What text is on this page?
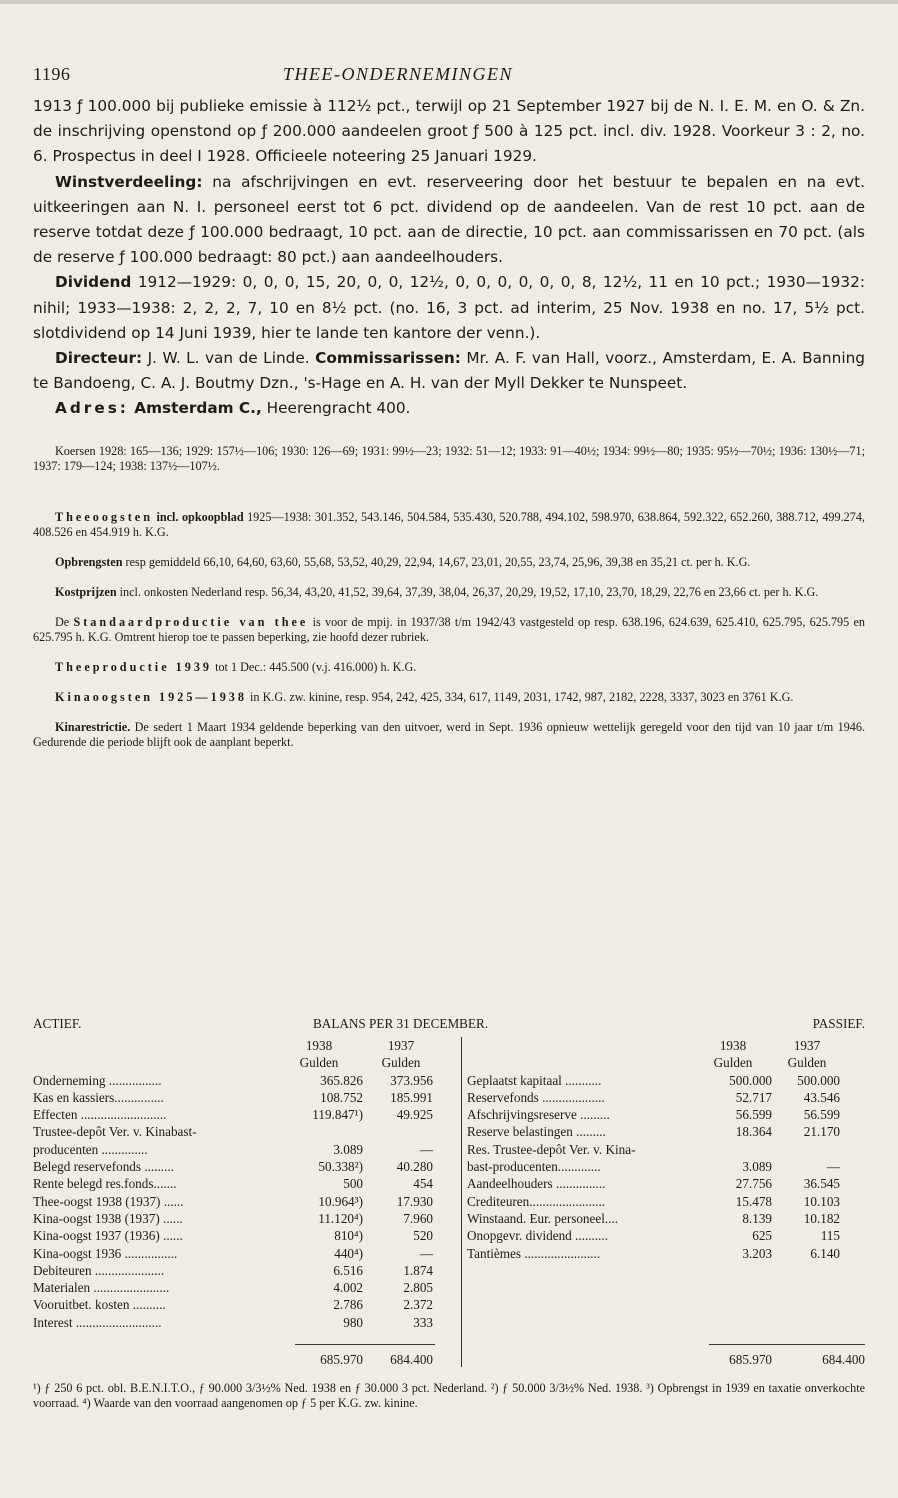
1196	THEE-ONDERNEMINGEN

1913 ƒ 100.000 bij publieke emissie à 112½ pct., terwijl op 21 September 1927 bij de N. I. E. M. en O. & Zn. de inschrijving openstond op ƒ 200.000 aandeelen groot ƒ 500 à 125 pct. incl. div. 1928. Voorkeur 3 : 2, no. 6. Prospectus in deel I 1928. Officieele noteering 25 Januari 1929.

Winstverdeeling: na afschrijvingen en evt. reserveering door het bestuur te bepalen en na evt. uitkeeringen aan N. I. personeel eerst tot 6 pct. dividend op de aandeelen. Van de rest 10 pct. aan de reserve totdat deze ƒ 100.000 bedraagt, 10 pct. aan de directie, 10 pct. aan commissarissen en 70 pct. (als de reserve ƒ 100.000 bedraagt: 80 pct.) aan aandeelhouders.

Dividend 1912—1929: 0, 0, 0, 15, 20, 0, 0, 12½, 0, 0, 0, 0, 0, 0, 8, 12½, 11 en 10 pct.; 1930—1932: nihil; 1933—1938: 2, 2, 2, 7, 10 en 8½ pct. (no. 16, 3 pct. ad interim, 25 Nov. 1938 en no. 17, 5½ pct. slotdividend op 14 Juni 1939, hier te lande ten kantore der venn.).

Directeur: J. W. L. van de Linde. Commissarissen: Mr. A. F. van Hall, voorz., Amsterdam, E. A. Banning te Bandoeng, C. A. J. Boutmy Dzn., 's-Hage en A. H. van der Myll Dekker te Nunspeet.

Adres: Amsterdam C., Heerengracht 400.

Koersen 1928: 165—136; 1929: 157½—106; 1930: 126—69; 1931: 99½—23; 1932: 51—12; 1933: 91—40½; 1934: 99½—80; 1935: 95½—70½; 1936: 130½—71; 1937: 179—124; 1938: 137½—107½.

Theeoogsten incl. opkoopblad 1925—1938: 301.352, 543.146, 504.584, 535.430, 520.788, 494.102, 598.970, 638.864, 592.322, 652.260, 388.712, 499.274, 408.526 en 454.919 h. K.G.

Opbrengsten resp gemiddeld 66,10, 64,60, 63,60, 55,68, 53,52, 40,29, 22,94, 14,67, 23,01, 20,55, 23,74, 25,96, 39,38 en 35,21 ct. per h. K.G.

Kostprijzen incl. onkosten Nederland resp. 56,34, 43,20, 41,52, 39,64, 37,39, 38,04, 26,37, 20,29, 19,52, 17,10, 23,70, 18,29, 22,76 en 23,66 ct. per h. K.G.

De Standaardproductie van thee is voor de mpij. in 1937/38 t/m 1942/43 vastgesteld op resp. 638.196, 624.639, 625.410, 625.795, 625.795 en 625.795 h. K.G. Omtrent hierop toe te passen beperking, zie hoofd dezer rubriek.

Theeproductie 1939 tot 1 Dec.: 445.500 (v.j. 416.000) h. K.G.

Kinaoogsten 1925—1938 in K.G. zw. kinine, resp. 954, 242, 425, 334, 617, 1149, 2031, 1742, 987, 2182, 2228, 3337, 3023 en 3761 K.G.

Kinarestrictie. De sedert 1 Maart 1934 geldende beperking van den uitvoer, werd in Sept. 1936 opnieuw wettelijk geregeld voor den tijd van 10 jaar t/m 1946. Gedurende die periode blijft ook de aanplant beperkt.

ACTIEF.	BALANS PER 31 DECEMBER.	PASSIEF.
1938	1937
Gulden	Gulden
Onderneming ................	365.826	373.956
Kas en kassiers...............	108.752	185.991
Effecten ..........................	119.847¹)	49.925
Trustee-depôt Ver. v. Kinabast-
producenten ..............	3.089	—
Belegd reservefonds .........	50.338²)	40.280
Rente belegd res.fonds.......	500	454
Thee-oogst 1938 (1937) ......	10.964³)	17.930
Kina-oogst 1938 (1937) ......	11.120⁴)	7.960
Kina-oogst 1937 (1936) ......	810⁴)	520
Kina-oogst 1936 ................	440⁴)	—
Debiteuren .....................	6.516	1.874
Materialen .......................	4.002	2.805
Vooruitbet. kosten ..........	2.786	2.372
Interest ..........................	980	333
1938	1937
Gulden	Gulden
Geplaatst kapitaal ...........	500.000	500.000
Reservefonds ...................	52.717	43.546
Afschrijvingsreserve .........	56.599	56.599
Reserve belastingen .........	18.364	21.170
Res. Trustee-depôt Ver. v. Kina-
bast-producenten.............	3.089	—
Aandeelhouders ...............	27.756	36.545
Crediteuren.......................	15.478	10.103
Winstaand. Eur. personeel....	8.139	10.182
Onopgevr. dividend ..........	625	115
Tantièmes .......................	3.203	6.140
685.970	684.400	685.970	684.400
¹) ƒ 250 6 pct. obl. B.E.N.I.T.O., ƒ 90.000 3/3½% Ned. 1938 en ƒ 30.000 3 pct. Nederland. ²) ƒ 50.000 3/3½% Ned. 1938. ³) Opbrengst in 1939 en taxatie onverkochte voorraad. ⁴) Waarde van den voorraad aangenomen op ƒ 5 per K.G. zw. kinine.
